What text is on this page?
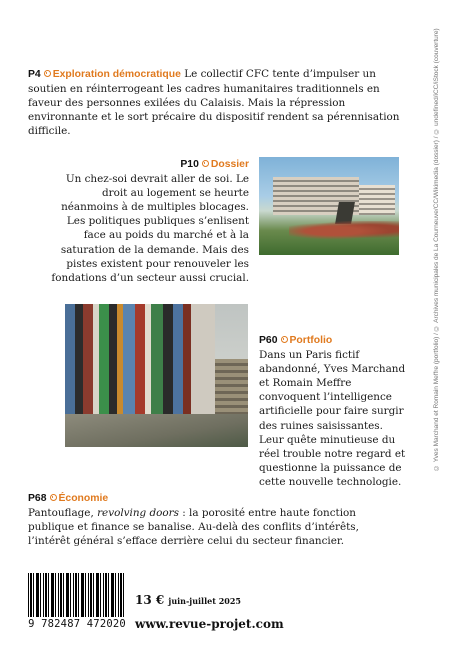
P4 Exploration démocratique Le collectif CFC tente d’impulser un soutien en réinterrogeant les cadres humanitaires traditionnels en faveur des personnes exilées du Calaisis. Mais la répression environnante et le sort précaire du dispositif rendent sa pérennisation difficile.
P10 Dossier
Un chez-soi devrait aller de soi. Le droit au logement se heurte néanmoins à de multiples blocages. Les politiques publiques s’enlisent face au poids du marché et à la saturation de la demande. Mais des pistes existent pour renouveler les fondations d’un secteur aussi crucial.
P60 Portfolio
Dans un Paris fictif abandonné, Yves Marchand et Romain Meffre convoquent l’intelligence artificielle pour faire surgir des ruines saisissantes. Leur quête minutieuse du réel trouble notre regard et questionne la puissance de cette nouvelle technologie.
P68 Économie
Pantouflage, revolving doors : la porosité entre haute fonction publique et finance se banalise. Au-delà des conflits d’intérêts, l’intérêt général s’efface derrière celui du secteur financier.
© Yves Marchand et Romain Meffre (portfolio) / © Archives municipales de La Courneuve/CC/Wikimedia (dossier) / © undefined/iCC/iStock (couverture)
9 782487 472020
13 € juin-juillet 2025
www.revue-projet.com
